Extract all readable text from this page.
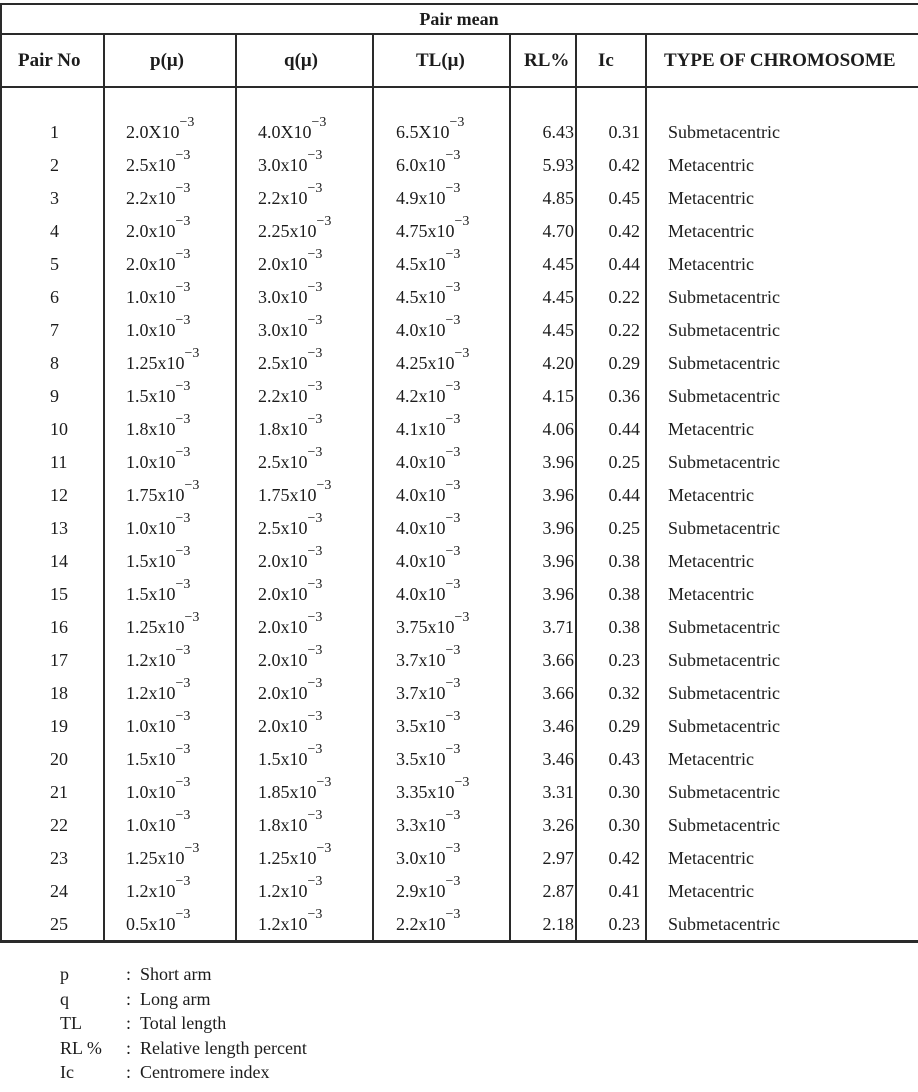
Pair mean
Pair No	p(μ)	q(μ)	TL(μ)	RL%	Ic	TYPE OF CHROMOSOME
1	$2.0X10^{-3}$	$4.0X10^{-3}$	$6.5X10^{-3}$	6.43	0.31 Submetacentric
2	$2.5x10^{-3}$	$3.0x10^{-3}$	$6.0x10^{-3}$	5.93	0.42 Metacentric
3	$2.2x10^{-3}$	$2.2x10^{-3}$	$4.9x10^{-3}$	4.85	0.45 Metacentric
4	$2.0x10^{-3}$	$2.25x10^{-3}$	$4.75x10^{-3}$	4.70	0.42 Metacentric
5	$2.0x10^{-3}$	$2.0x10^{-3}$	$4.5x10^{-3}$	4.45	0.44 Metacentric
6	$1.0x10^{-3}$	$3.0x10^{-3}$	$4.5x10^{-3}$	4.45	0.22 Submetacentric
7	$1.0x10^{-3}$	$3.0x10^{-3}$	$4.0x10^{-3}$	4.45	0.22 Submetacentric
8	$1.25x10^{-3}$	$2.5x10^{-3}$	$4.25x10^{-3}$	4.20	0.29 Submetacentric
9	$1.5x10^{-3}$	$2.2x10^{-3}$	$4.2x10^{-3}$	4.15	0.36 Submetacentric
10	$1.8x10^{-3}$	$1.8x10^{-3}$	$4.1x10^{-3}$	4.06	0.44 Metacentric
11	$1.0x10^{-3}$	$2.5x10^{-3}$	$4.0x10^{-3}$	3.96	0.25 Submetacentric
12	$1.75x10^{-3}$	$1.75x10^{-3}$	$4.0x10^{-3}$	3.96	0.44 Metacentric
13	$1.0x10^{-3}$	$2.5x10^{-3}$	$4.0x10^{-3}$	3.96	0.25 Submetacentric
14	$1.5x10^{-3}$	$2.0x10^{-3}$	$4.0x10^{-3}$	3.96	0.38 Metacentric
15	$1.5x10^{-3}$	$2.0x10^{-3}$	$4.0x10^{-3}$	3.96	0.38 Metacentric
16	$1.25x10^{-3}$	$2.0x10^{-3}$	$3.75x10^{-3}$	3.71	0.38 Submetacentric
17	$1.2x10^{-3}$	$2.0x10^{-3}$	$3.7x10^{-3}$	3.66	0.23 Submetacentric
18	$1.2x10^{-3}$	$2.0x10^{-3}$	$3.7x10^{-3}$	3.66	0.32 Submetacentric
19	$1.0x10^{-3}$	$2.0x10^{-3}$	$3.5x10^{-3}$	3.46	0.29 Submetacentric
20	$1.5x10^{-3}$	$1.5x10^{-3}$	$3.5x10^{-3}$	3.46	0.43 Metacentric
21	$1.0x10^{-3}$	$1.85x10^{-3}$	$3.35x10^{-3}$	3.31	0.30 Submetacentric
22	$1.0x10^{-3}$	$1.8x10^{-3}$	$3.3x10^{-3}$	3.26	0.30 Submetacentric
23	$1.25x10^{-3}$	$1.25x10^{-3}$	$3.0x10^{-3}$	2.97	0.42 Metacentric
24	$1.2x10^{-3}$	$1.2x10^{-3}$	$2.9x10^{-3}$	2.87	0.41 Metacentric
25	$0.5x10^{-3}$	$1.2x10^{-3}$	$2.2x10^{-3}$	2.18	0.23 Submetacentric
p	: Short arm
q	: Long arm
TL : Total length
RL % : Relative length percent
Ic	: Centromere index
